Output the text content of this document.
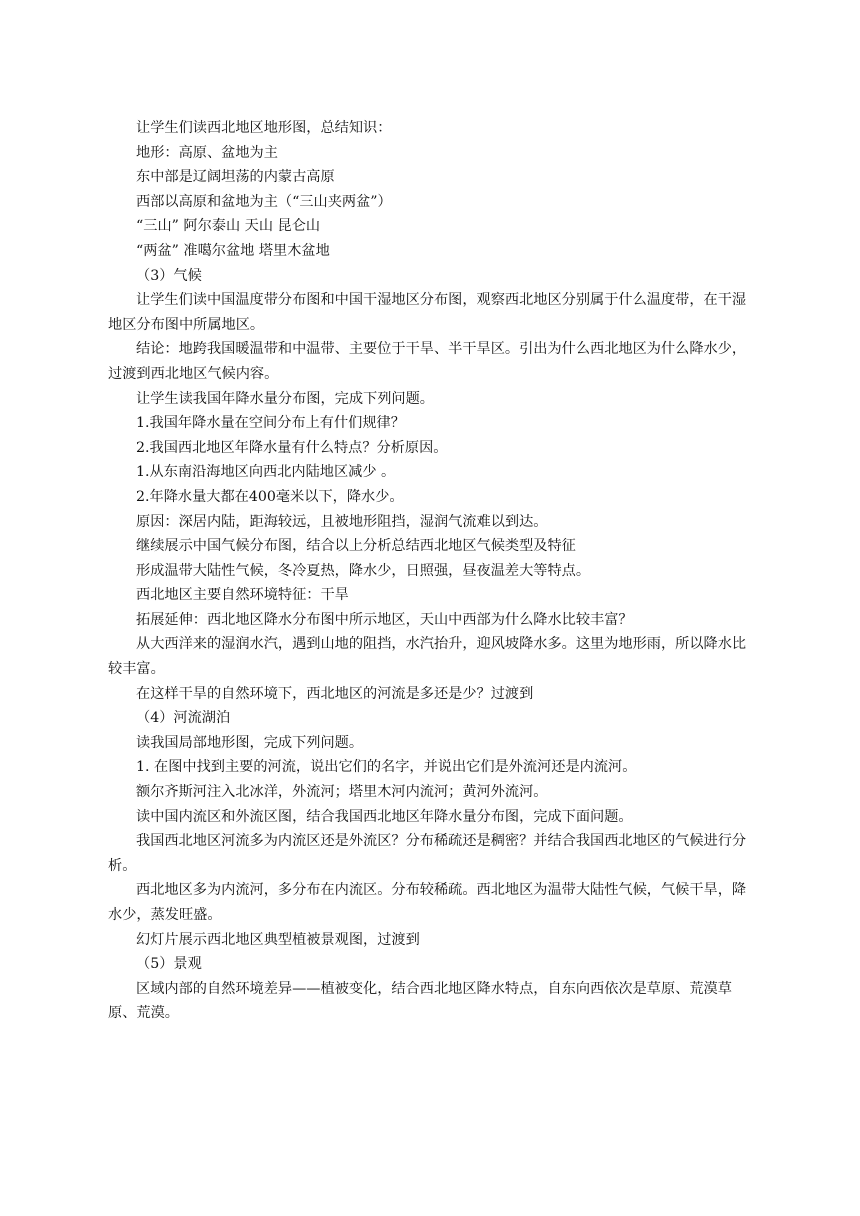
让学生们读西北地区地形图，总结知识：

地形：高原、盆地为主

东中部是辽阔坦荡的内蒙古高原

西部以高原和盆地为主（“三山夹两盆”）

“三山” 阿尔泰山 天山 昆仑山

“两盆” 准噶尔盆地 塔里木盆地

（3）气候

让学生们读中国温度带分布图和中国干湿地区分布图，观察西北地区分别属于什么温度带，在干湿地区分布图中所属地区。

结论：地跨我国暖温带和中温带、主要位于干旱、半干旱区。引出为什么西北地区为什么降水少，过渡到西北地区气候内容。

让学生读我国年降水量分布图，完成下列问题。

1.我国年降水量在空间分布上有什们规律？

2.我国西北地区年降水量有什么特点？分析原因。

1.从东南沿海地区向西北内陆地区减少 。

2.年降水量大都在400毫米以下，降水少。

原因：深居内陆，距海较远，且被地形阻挡，湿润气流难以到达。

继续展示中国气候分布图，结合以上分析总结西北地区气候类型及特征

形成温带大陆性气候，冬冷夏热，降水少，日照强，昼夜温差大等特点。

西北地区主要自然环境特征：干旱

拓展延伸：西北地区降水分布图中所示地区，天山中西部为什么降水比较丰富？

从大西洋来的湿润水汽，遇到山地的阻挡，水汽抬升，迎风坡降水多。这里为地形雨，所以降水比较丰富。

在这样干旱的自然环境下，西北地区的河流是多还是少？过渡到

（4）河流湖泊

读我国局部地形图，完成下列问题。

1. 在图中找到主要的河流，说出它们的名字，并说出它们是外流河还是内流河。

额尔齐斯河注入北冰洋，外流河；塔里木河内流河；黄河外流河。

读中国内流区和外流区图，结合我国西北地区年降水量分布图，完成下面问题。

我国西北地区河流多为内流区还是外流区？分布稀疏还是稠密？并结合我国西北地区的气候进行分析。

西北地区多为内流河，多分布在内流区。分布较稀疏。西北地区为温带大陆性气候，气候干旱，降水少，蒸发旺盛。

幻灯片展示西北地区典型植被景观图，过渡到

（5）景观

区域内部的自然环境差异——植被变化，结合西北地区降水特点，自东向西依次是草原、荒漠草原、荒漠。
